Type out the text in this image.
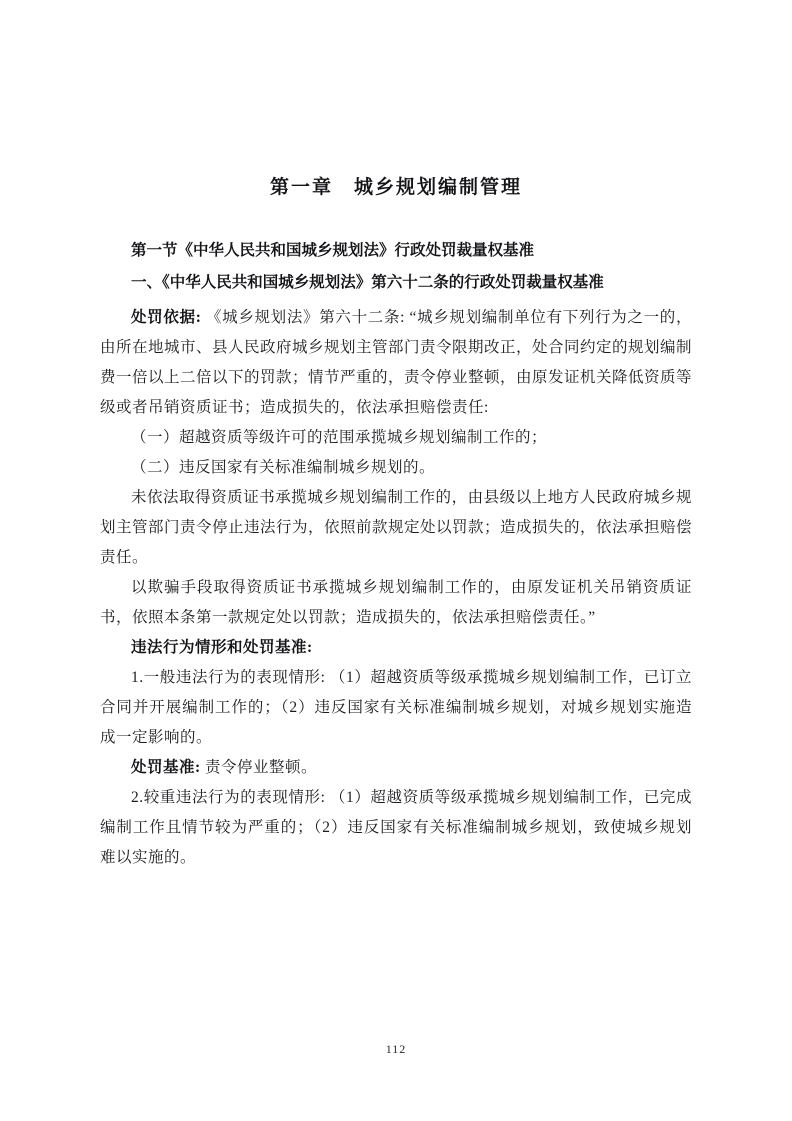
第一章　城乡规划编制管理

第一节《中华人民共和国城乡规划法》行政处罚裁量权基准

一、《中华人民共和国城乡规划法》第六十二条的行政处罚裁量权基准

处罚依据: 《城乡规划法》第六十二条: “城乡规划编制单位有下列行为之一的，由所在地城市、县人民政府城乡规划主管部门责令限期改正，处合同约定的规划编制费一倍以上二倍以下的罚款；情节严重的，责令停业整顿，由原发证机关降低资质等级或者吊销资质证书；造成损失的，依法承担赔偿责任:

（一）超越资质等级许可的范围承揽城乡规划编制工作的；

（二）违反国家有关标准编制城乡规划的。

未依法取得资质证书承揽城乡规划编制工作的，由县级以上地方人民政府城乡规划主管部门责令停止违法行为，依照前款规定处以罚款；造成损失的，依法承担赔偿责任。

以欺骗手段取得资质证书承揽城乡规划编制工作的，由原发证机关吊销资质证书，依照本条第一款规定处以罚款；造成损失的，依法承担赔偿责任。”

违法行为情形和处罚基准:

1.一般违法行为的表现情形: （1）超越资质等级承揽城乡规划编制工作，已订立合同并开展编制工作的；（2）违反国家有关标准编制城乡规划，对城乡规划实施造成一定影响的。

处罚基准: 责令停业整顿。

2.较重违法行为的表现情形: （1）超越资质等级承揽城乡规划编制工作，已完成编制工作且情节较为严重的；（2）违反国家有关标准编制城乡规划，致使城乡规划难以实施的。

112
